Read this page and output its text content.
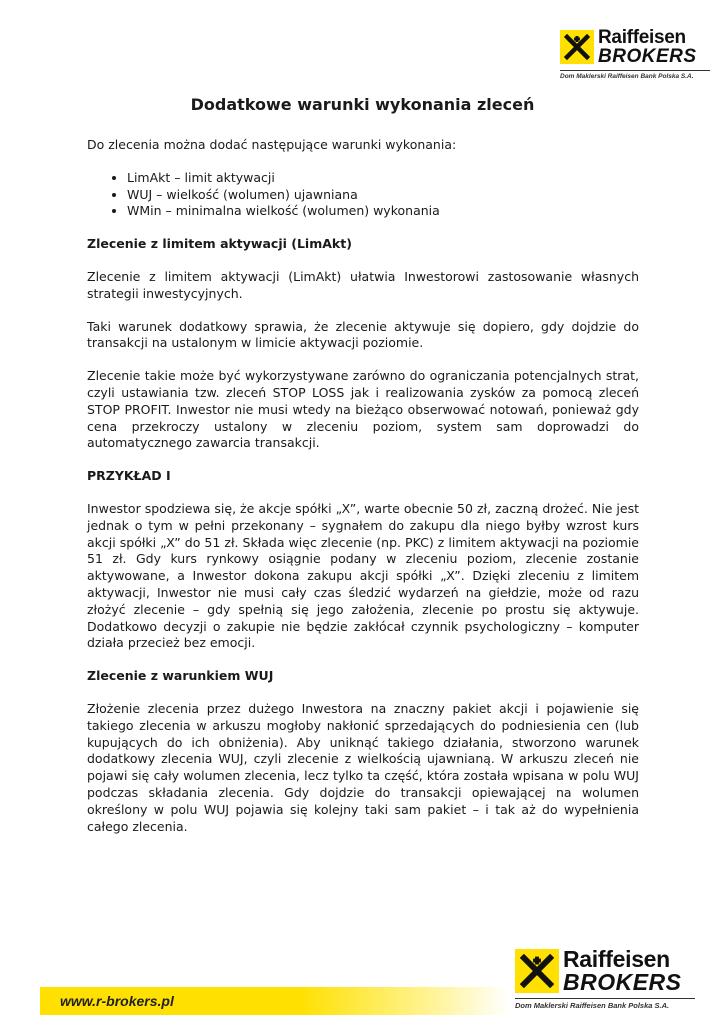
Raiffeisen
BROKERS
Dom Maklerski Raiffeisen Bank Polska S.A.
Dodatkowe warunki wykonania zleceń

Do zlecenia można dodać następujące warunki wykonania:

• LimAkt – limit aktywacji
• WUJ – wielkość (wolumen) ujawniana
• WMin – minimalna wielkość (wolumen) wykonania
Zlecenie z limitem aktywacji (LimAkt)

Zlecenie z limitem aktywacji (LimAkt) ułatwia Inwestorowi zastosowanie własnych strategii inwestycyjnych.

Taki warunek dodatkowy sprawia, że zlecenie aktywuje się dopiero, gdy dojdzie do transakcji na ustalonym w limicie aktywacji poziomie.

Zlecenie takie może być wykorzystywane zarówno do ograniczania potencjalnych strat, czyli ustawiania tzw. zleceń STOP LOSS jak i realizowania zysków za pomocą zleceń STOP PROFIT. Inwestor nie musi wtedy na bieżąco obserwować notowań, ponieważ gdy cena przekroczy ustalony w zleceniu poziom, system sam doprowadzi do automatycznego zawarcia transakcji.

PRZYKŁAD I

Inwestor spodziewa się, że akcje spółki „X”, warte obecnie 50 zł, zaczną drożeć. Nie jest jednak o tym w pełni przekonany – sygnałem do zakupu dla niego byłby wzrost kurs akcji spółki „X” do 51 zł. Składa więc zlecenie (np. PKC) z limitem aktywacji na poziomie 51 zł. Gdy kurs rynkowy osiągnie podany w zleceniu poziom, zlecenie zostanie aktywowane, a Inwestor dokona zakupu akcji spółki „X”. Dzięki zleceniu z limitem aktywacji, Inwestor nie musi cały czas śledzić wydarzeń na giełdzie, może od razu złożyć zlecenie – gdy spełnią się jego założenia, zlecenie po prostu się aktywuje. Dodatkowo decyzji o zakupie nie będzie zakłócał czynnik psychologiczny – komputer działa przecież bez emocji.

Zlecenie z warunkiem WUJ

Złożenie zlecenia przez dużego Inwestora na znaczny pakiet akcji i pojawienie się takiego zlecenia w arkuszu mogłoby nakłonić sprzedających do podniesienia cen (lub kupujących do ich obniżenia). Aby uniknąć takiego działania, stworzono warunek dodatkowy zlecenia WUJ, czyli zlecenie z wielkością ujawnianą. W arkuszu zleceń nie pojawi się cały wolumen zlecenia, lecz tylko ta część, która została wpisana w polu WUJ podczas składania zlecenia. Gdy dojdzie do transakcji opiewającej na wolumen określony w polu WUJ pojawia się kolejny taki sam pakiet – i tak aż do wypełnienia całego zlecenia.

www.r-brokers.pl
Raiffeisen
BROKERS
Dom Maklerski Raiffeisen Bank Polska S.A.
